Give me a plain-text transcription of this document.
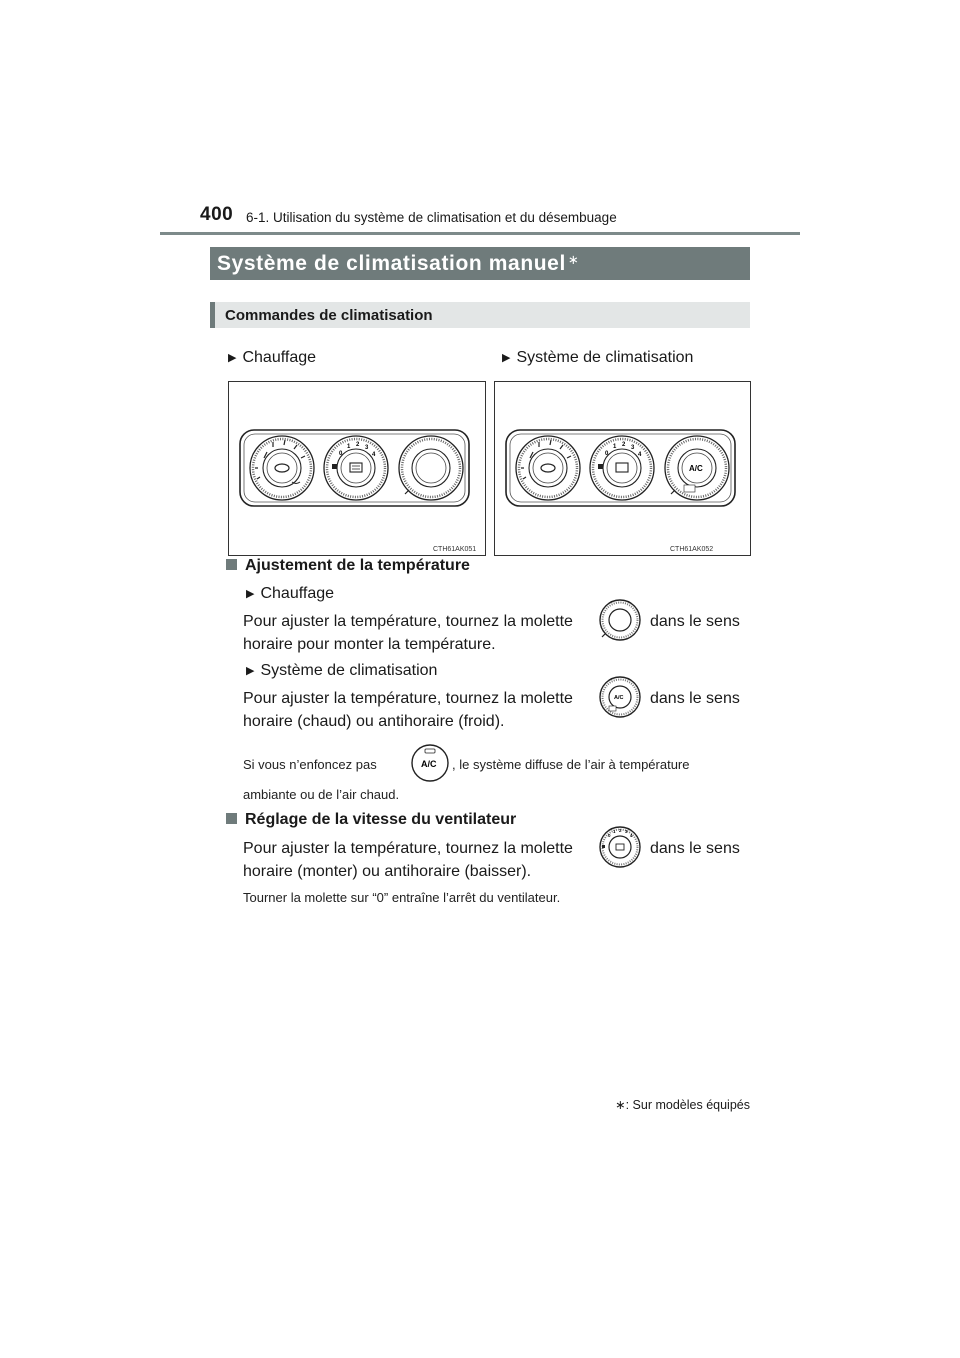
400 6-1. Utilisation du système de climatisation et du désembuage
Système de climatisation manuel ∗
Commandes de climatisation
▶ Chauffage	▶ Système de climatisation
0
1 2 3
4
CTH61AK051
0
1 2 3
4
A/C
CTH61AK052
Ajustement de la température
▶ Chauffage
Pour ajuster la température, tournez la molette	dans le sens
horaire pour monter la température.
▶ Système de climatisation
Pour ajuster la température, tournez la molette	dans le sens
horaire (chaud) ou antihoraire (froid).
A/C
Si vous n’enfoncez pas	A/C , le système diffuse de l’air à température
ambiante ou de l’air chaud.
Réglage de la vitesse du ventilateur
Pour ajuster la température, tournez la molette	dans le sens
horaire (monter) ou antihoraire (baisser).
0
1 2 3
4
Tourner la molette sur “0” entraîne l’arrêt du ventilateur.
∗: Sur modèles équipés
